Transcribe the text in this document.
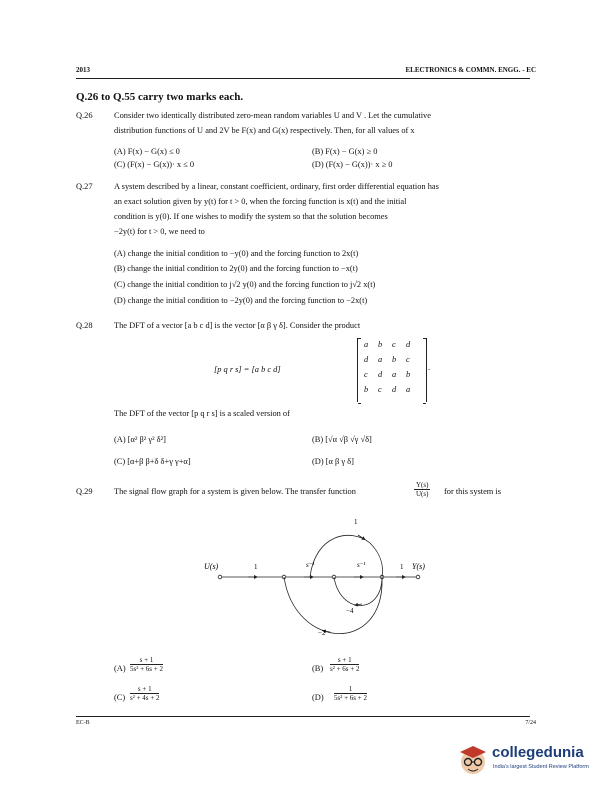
2013	ELECTRONICS & COMMN. ENGG. - EC
Q.26 to Q.55 carry two marks each.
Q.26	Consider two identically distributed zero-mean random variables U and V . Let the cumulative
distribution functions of U and 2V be F(x) and G(x) respectively. Then, for all values of x
(A) F(x) − G(x) ≤ 0	(B) F(x) − G(x) ≥ 0
(C) (F(x) − G(x))· x ≤ 0	(D) (F(x) − G(x))· x ≥ 0
Q.27	A system described by a linear, constant coefficient, ordinary, first order differential equation has
an exact solution given by y(t) for t > 0, when the forcing function is x(t) and the initial
condition is y(0). If one wishes to modify the system so that the solution becomes
−2y(t) for t > 0, we need to
(A) change the initial condition to −y(0) and the forcing function to 2x(t)
(B) change the initial condition to 2y(0) and the forcing function to −x(t)
(C) change the initial condition to j√2 y(0) and the forcing function to j√2 x(t)
(D) change the initial condition to −2y(0) and the forcing function to −2x(t)
Q.28	The DFT of a vector [a b c d] is the vector [α β γ δ]. Consider the product
[p q r s] = [a b c d]
a b c d
d a b c
c d a b
b c d a
.
The DFT of the vector [p q r s] is a scaled version of
(A) [α² β² γ² δ²]	(B) [√α √β √γ √δ]
(C) [α+β β+δ δ+γ γ+α]	(D) [α β γ δ]
Q.29	The signal flow graph for a system is given below. The transfer function	$\frac{Y(s)}{U(s)}$ for this system is
U(s)	1	s⁻¹	s⁻¹	1 Y(s)
1
−4
−2
$(A) \frac{s + 1}{\text{5s² + 6s + 2}}$	$(B) \frac{s + 1}{\text{s² + 6s + 2}}$
$(C) \frac{s + 1}{\text{s² + 4s + 2}}$	$(D) \frac{1}{\text{5s² + 6s + 2}}$
EC-B	7/24
collegedunia
India's largest Student Review Platform
